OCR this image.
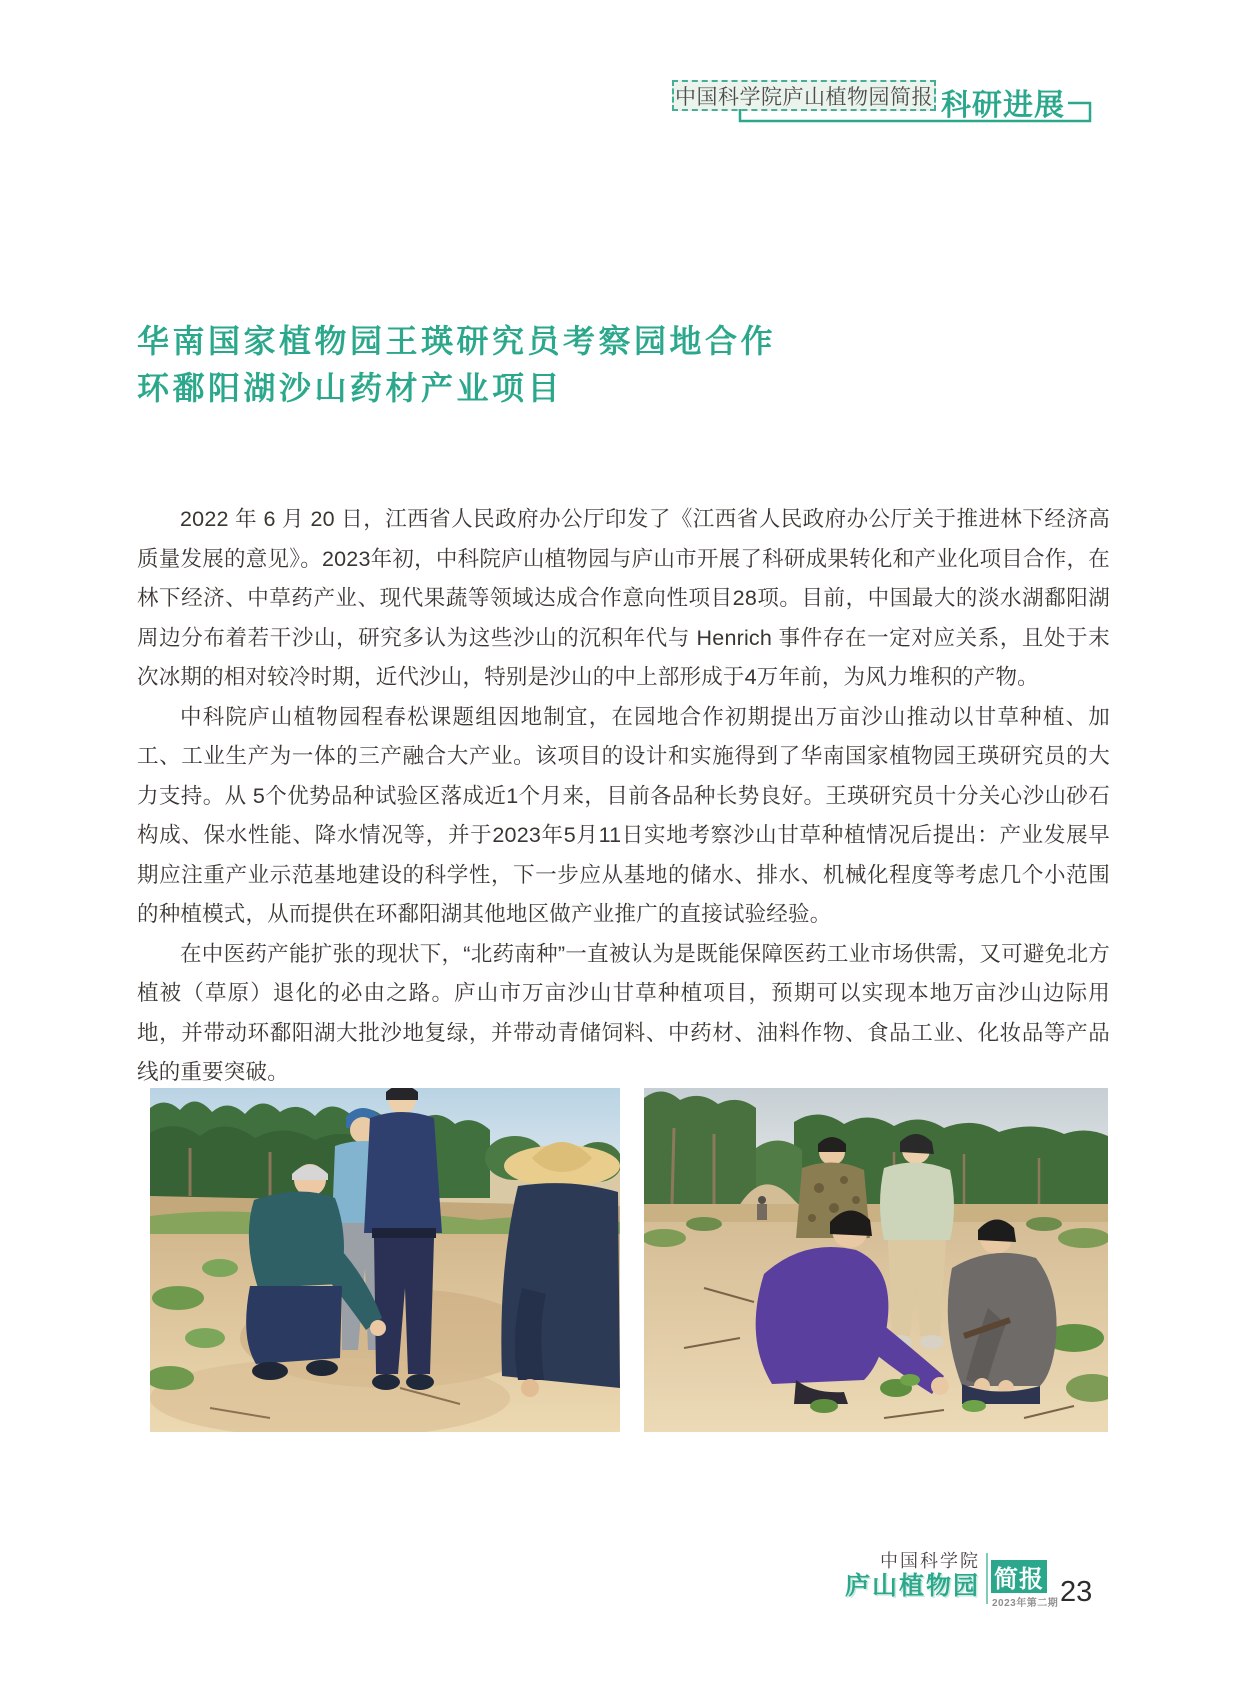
中国科学院庐山植物园简报 科研进展
华南国家植物园王瑛研究员考察园地合作
环鄱阳湖沙山药材产业项目

2022 年 6 月 20 日，江西省人民政府办公厅印发了《江西省人民政府办公厅关于推进林下经济高质量发展的意见》。2023年初，中科院庐山植物园与庐山市开展了科研成果转化和产业化项目合作，在林下经济、中草药产业、现代果蔬等领域达成合作意向性项目28项。目前，中国最大的淡水湖鄱阳湖周边分布着若干沙山，研究多认为这些沙山的沉积年代与 Henrich 事件存在一定对应关系，且处于末次冰期的相对较冷时期，近代沙山，特别是沙山的中上部形成于4万年前，为风力堆积的产物。

中科院庐山植物园程春松课题组因地制宜，在园地合作初期提出万亩沙山推动以甘草种植、加工、工业生产为一体的三产融合大产业。该项目的设计和实施得到了华南国家植物园王瑛研究员的大力支持。从 5个优势品种试验区落成近1个月来，目前各品种长势良好。王瑛研究员十分关心沙山砂石构成、保水性能、降水情况等，并于2023年5月11日实地考察沙山甘草种植情况后提出：产业发展早期应注重产业示范基地建设的科学性，下一步应从基地的储水、排水、机械化程度等考虑几个小范围的种植模式，从而提供在环鄱阳湖其他地区做产业推广的直接试验经验。

在中医药产能扩张的现状下，“北药南种”一直被认为是既能保障医药工业市场供需，又可避免北方植被（草原）退化的必由之路。庐山市万亩沙山甘草种植项目，预期可以实现本地万亩沙山边际用地，并带动环鄱阳湖大批沙地复绿，并带动青储饲料、中药材、油料作物、食品工业、化妆品等产品线的重要突破。

中国科学院
庐山植物园 简报
2023年第二期 23
